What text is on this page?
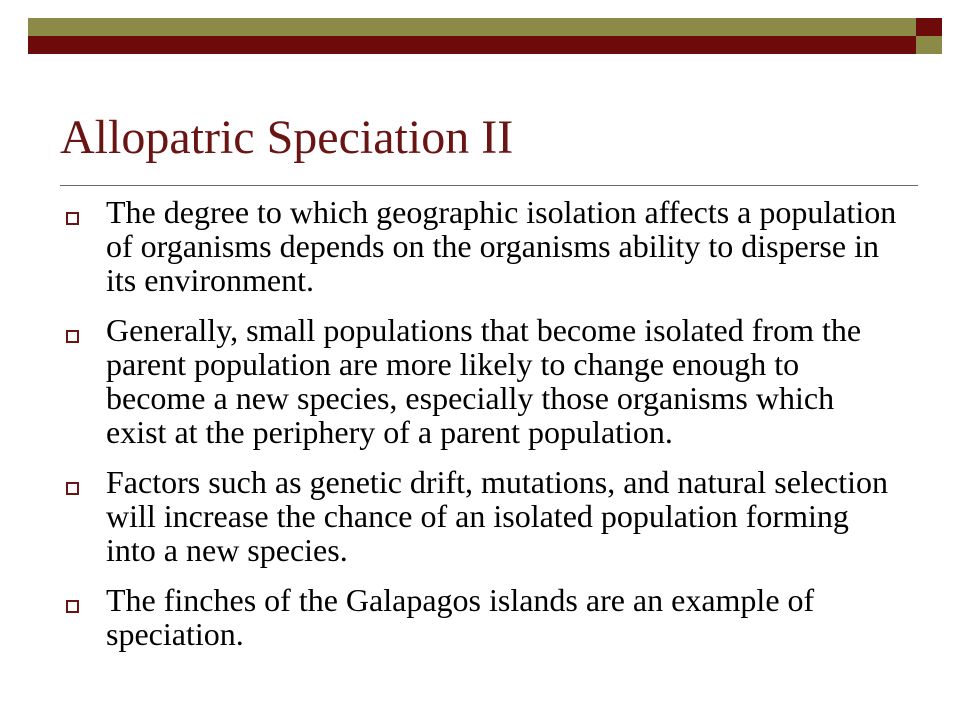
Allopatric Speciation II
The degree to which geographic isolation affects a population of organisms depends on the organisms ability to disperse in its environment.
Generally, small populations that become isolated from the parent population are more likely to change enough to become a new species, especially those organisms which exist at the periphery of a parent population.
Factors such as genetic drift, mutations, and natural selection will increase the chance of an isolated population forming into a new species.
The finches of the Galapagos islands are an example of speciation.
